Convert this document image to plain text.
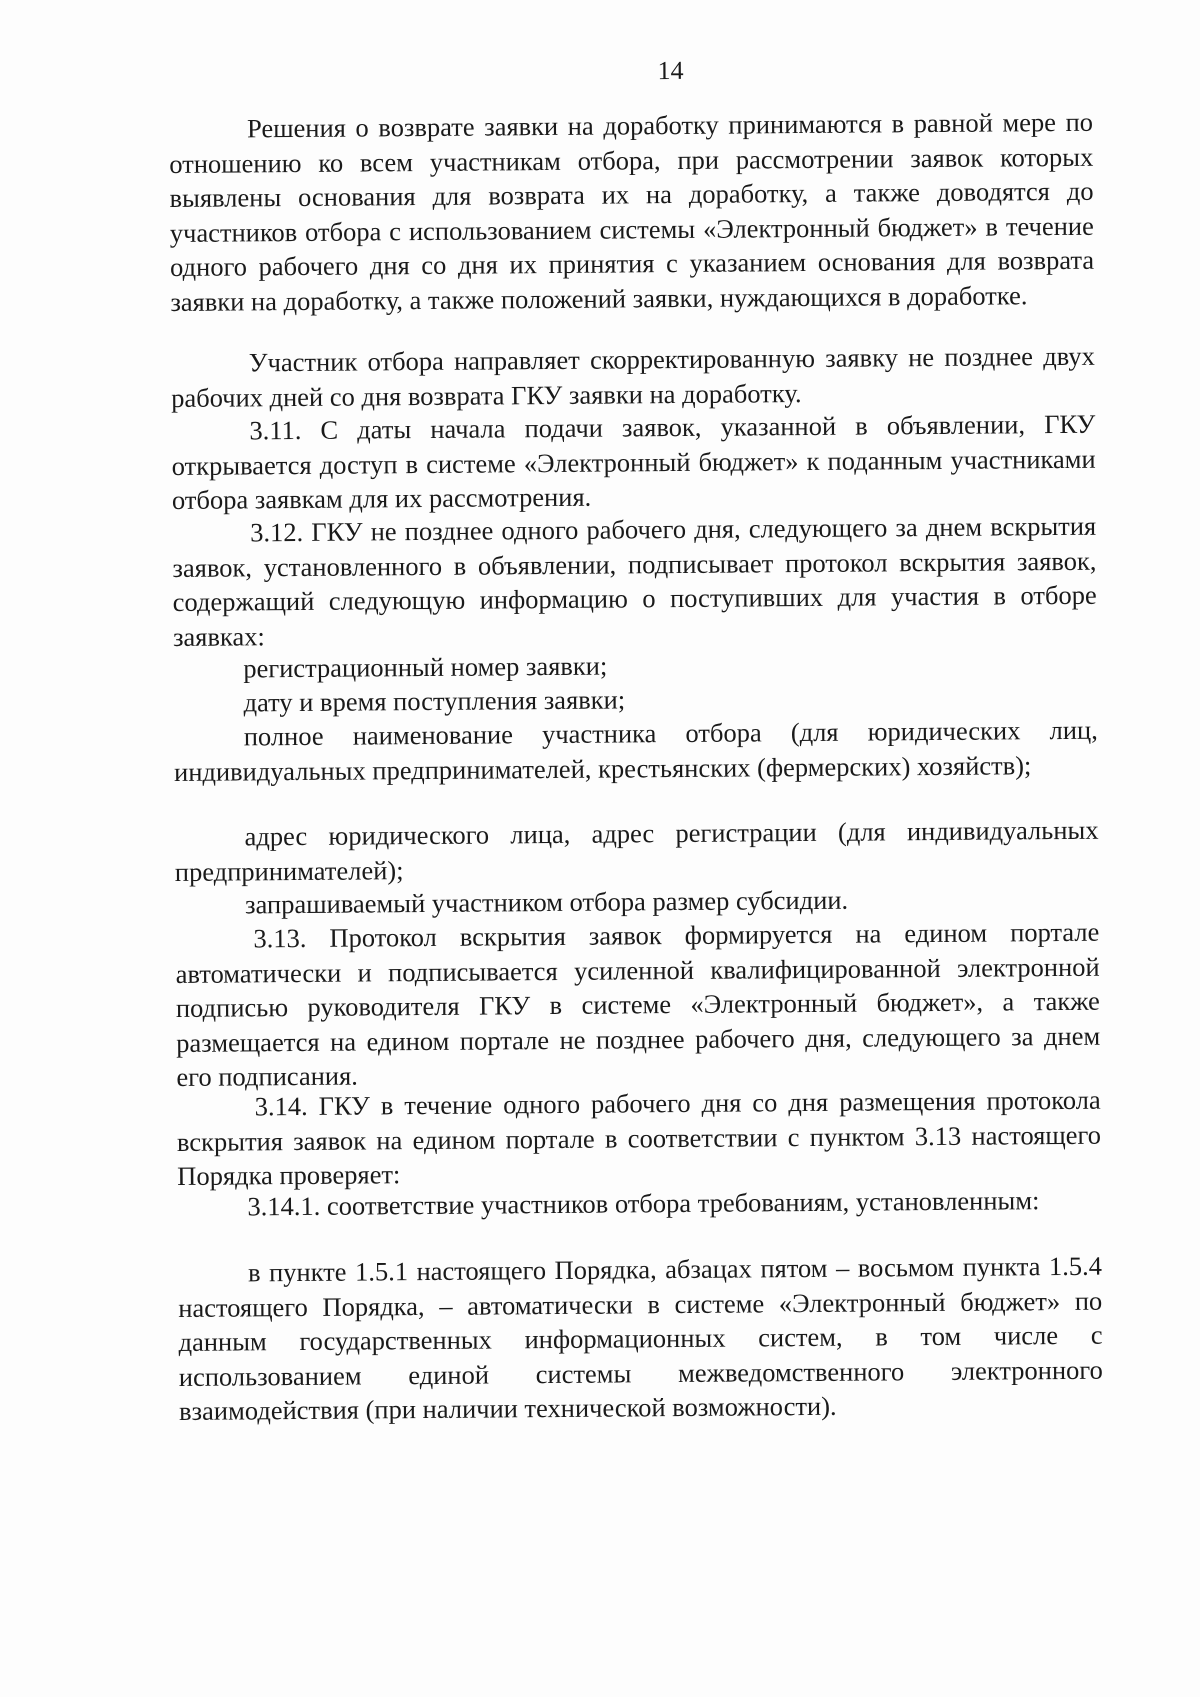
14

Решения о возврате заявки на доработку принимаются в равной мере по отношению ко всем участникам отбора, при рассмотрении заявок которых выявлены основания для возврата их на доработку, а также доводятся до участников отбора с использованием системы «Электронный бюджет» в течение одного рабочего дня со дня их принятия с указанием основания для возврата заявки на доработку, а также положений заявки, нуждающихся в доработке.

Участник отбора направляет скорректированную заявку не позднее двух рабочих дней со дня возврата ГКУ заявки на доработку.

3.11. С даты начала подачи заявок, указанной в объявлении, ГКУ открывается доступ в системе «Электронный бюджет» к поданным участниками отбора заявкам для их рассмотрения.

3.12. ГКУ не позднее одного рабочего дня, следующего за днем вскрытия заявок, установленного в объявлении, подписывает протокол вскрытия заявок, содержащий следующую информацию о поступивших для участия в отборе заявках:

регистрационный номер заявки;

дату и время поступления заявки;

полное наименование участника отбора (для юридических лиц, индивидуальных предпринимателей, крестьянских (фермерских) хозяйств);

адрес юридического лица, адрес регистрации (для индивидуальных предпринимателей);

запрашиваемый участником отбора размер субсидии.

3.13. Протокол вскрытия заявок формируется на едином портале автоматически и подписывается усиленной квалифицированной электронной подписью руководителя ГКУ в системе «Электронный бюджет», а также размещается на едином портале не позднее рабочего дня, следующего за днем его подписания.

3.14. ГКУ в течение одного рабочего дня со дня размещения протокола вскрытия заявок на едином портале в соответствии с пунктом 3.13 настоящего Порядка проверяет:

3.14.1. соответствие участников отбора требованиям, установленным:

в пункте 1.5.1 настоящего Порядка, абзацах пятом – восьмом пункта 1.5.4 настоящего Порядка, – автоматически в системе «Электронный бюджет» по данным государственных информационных систем, в том числе с использованием единой системы межведомственного электронного взаимодействия (при наличии технической возможности).
